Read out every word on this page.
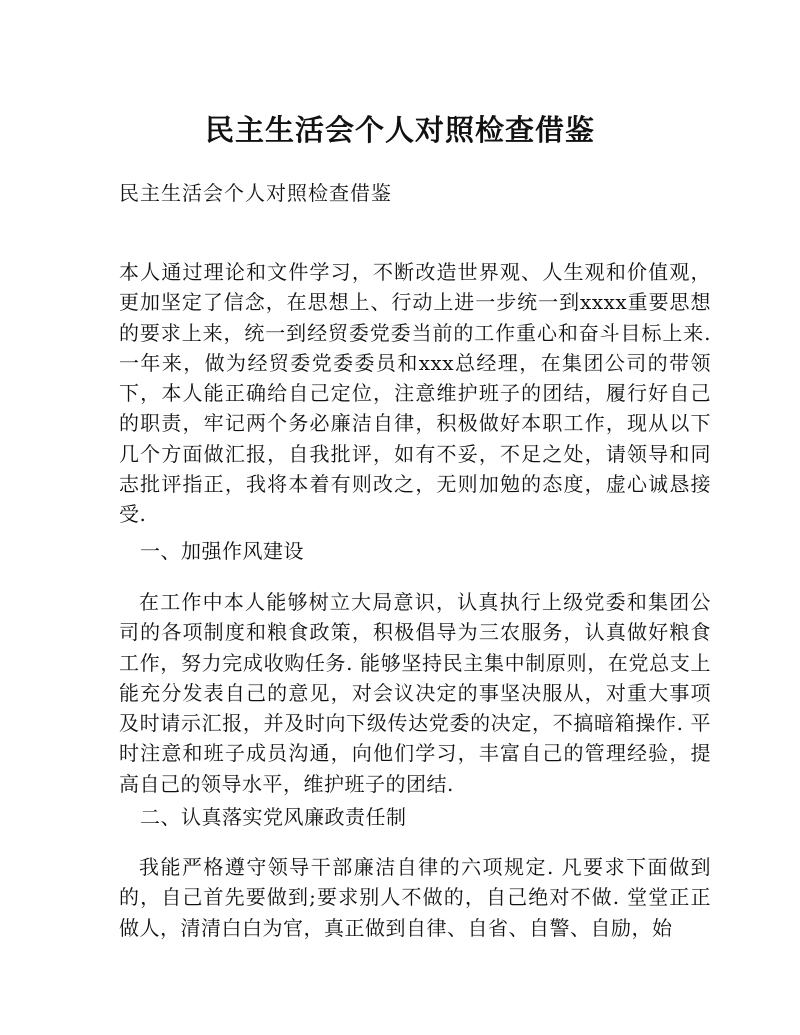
民主生活会个人对照检查借鉴

民主生活会个人对照检查借鉴

本人通过理论和文件学习，不断改造世界观、人生观和价值观，更加坚定了信念，在思想上、行动上进一步统一到xxxx重要思想的要求上来，统一到经贸委党委当前的工作重心和奋斗目标上来. 一年来，做为经贸委党委委员和xxx总经理，在集团公司的带领下，本人能正确给自己定位，注意维护班子的团结，履行好自己的职责，牢记两个务必廉洁自律，积极做好本职工作，现从以下几个方面做汇报，自我批评，如有不妥，不足之处，请领导和同志批评指正，我将本着有则改之，无则加勉的态度，虚心诚恳接受.

一、加强作风建设

在工作中本人能够树立大局意识，认真执行上级党委和集团公司的各项制度和粮食政策，积极倡导为三农服务，认真做好粮食工作，努力完成收购任务. 能够坚持民主集中制原则，在党总支上能充分发表自己的意见，对会议决定的事坚决服从，对重大事项及时请示汇报，并及时向下级传达党委的决定，不搞暗箱操作. 平时注意和班子成员沟通，向他们学习，丰富自己的管理经验，提高自己的领导水平，维护班子的团结.

二、认真落实党风廉政责任制

我能严格遵守领导干部廉洁自律的六项规定. 凡要求下面做到的，自己首先要做到;要求别人不做的，自己绝对不做. 堂堂正正做人，清清白白为官，真正做到自律、自省、自警、自励，始
